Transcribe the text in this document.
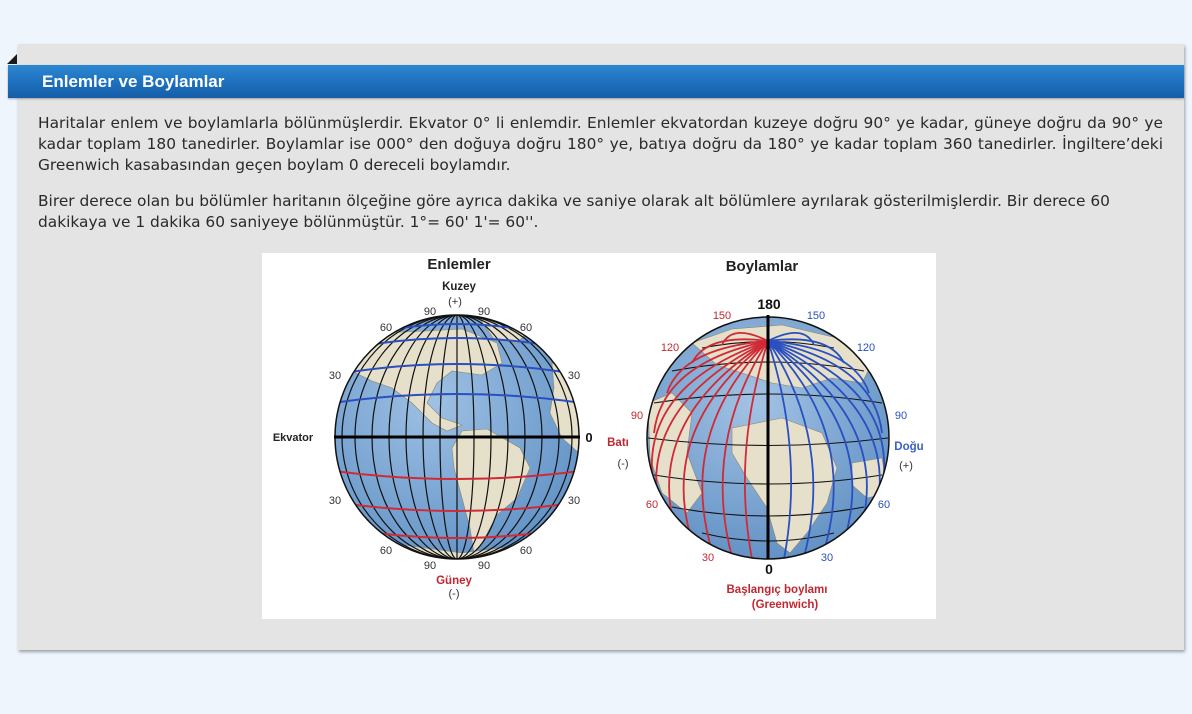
Enlemler ve Boylamlar
Haritalar enlem ve boylamlarla bölünmüşlerdir. Ekvator 0° li enlemdir. Enlemler ekvatordan kuzeye doğru 90° ye kadar, güneye doğru da 90° ye kadar toplam 180 tanedirler. Boylamlar ise 000° den doğuya doğru 180° ye, batıya doğru da 180° ye kadar toplam 360 tanedirler. İngiltere’deki Greenwich kasabasından geçen boylam 0 dereceli boylamdır.
Birer derece olan bu bölümler haritanın ölçeğine göre ayrıca dakika ve saniye olarak alt bölümlere ayrılarak gösterilmişlerdir. Bir derece 60 dakikaya ve 1 dakika 60 saniyeye bölünmüştür. 1°= 60' 1'= 60''.
Enlemler
Kuzey
(+)
90	90
60	60
30	30
Ekvator	0
30	30
60	60
90	90
Güney
(-)
Boylamlar
180
150	150
120	120
90	90
Batı
(-)
Doğu
(+)
60	60
30	30
0
Başlangıç boylamı
(Greenwich)
